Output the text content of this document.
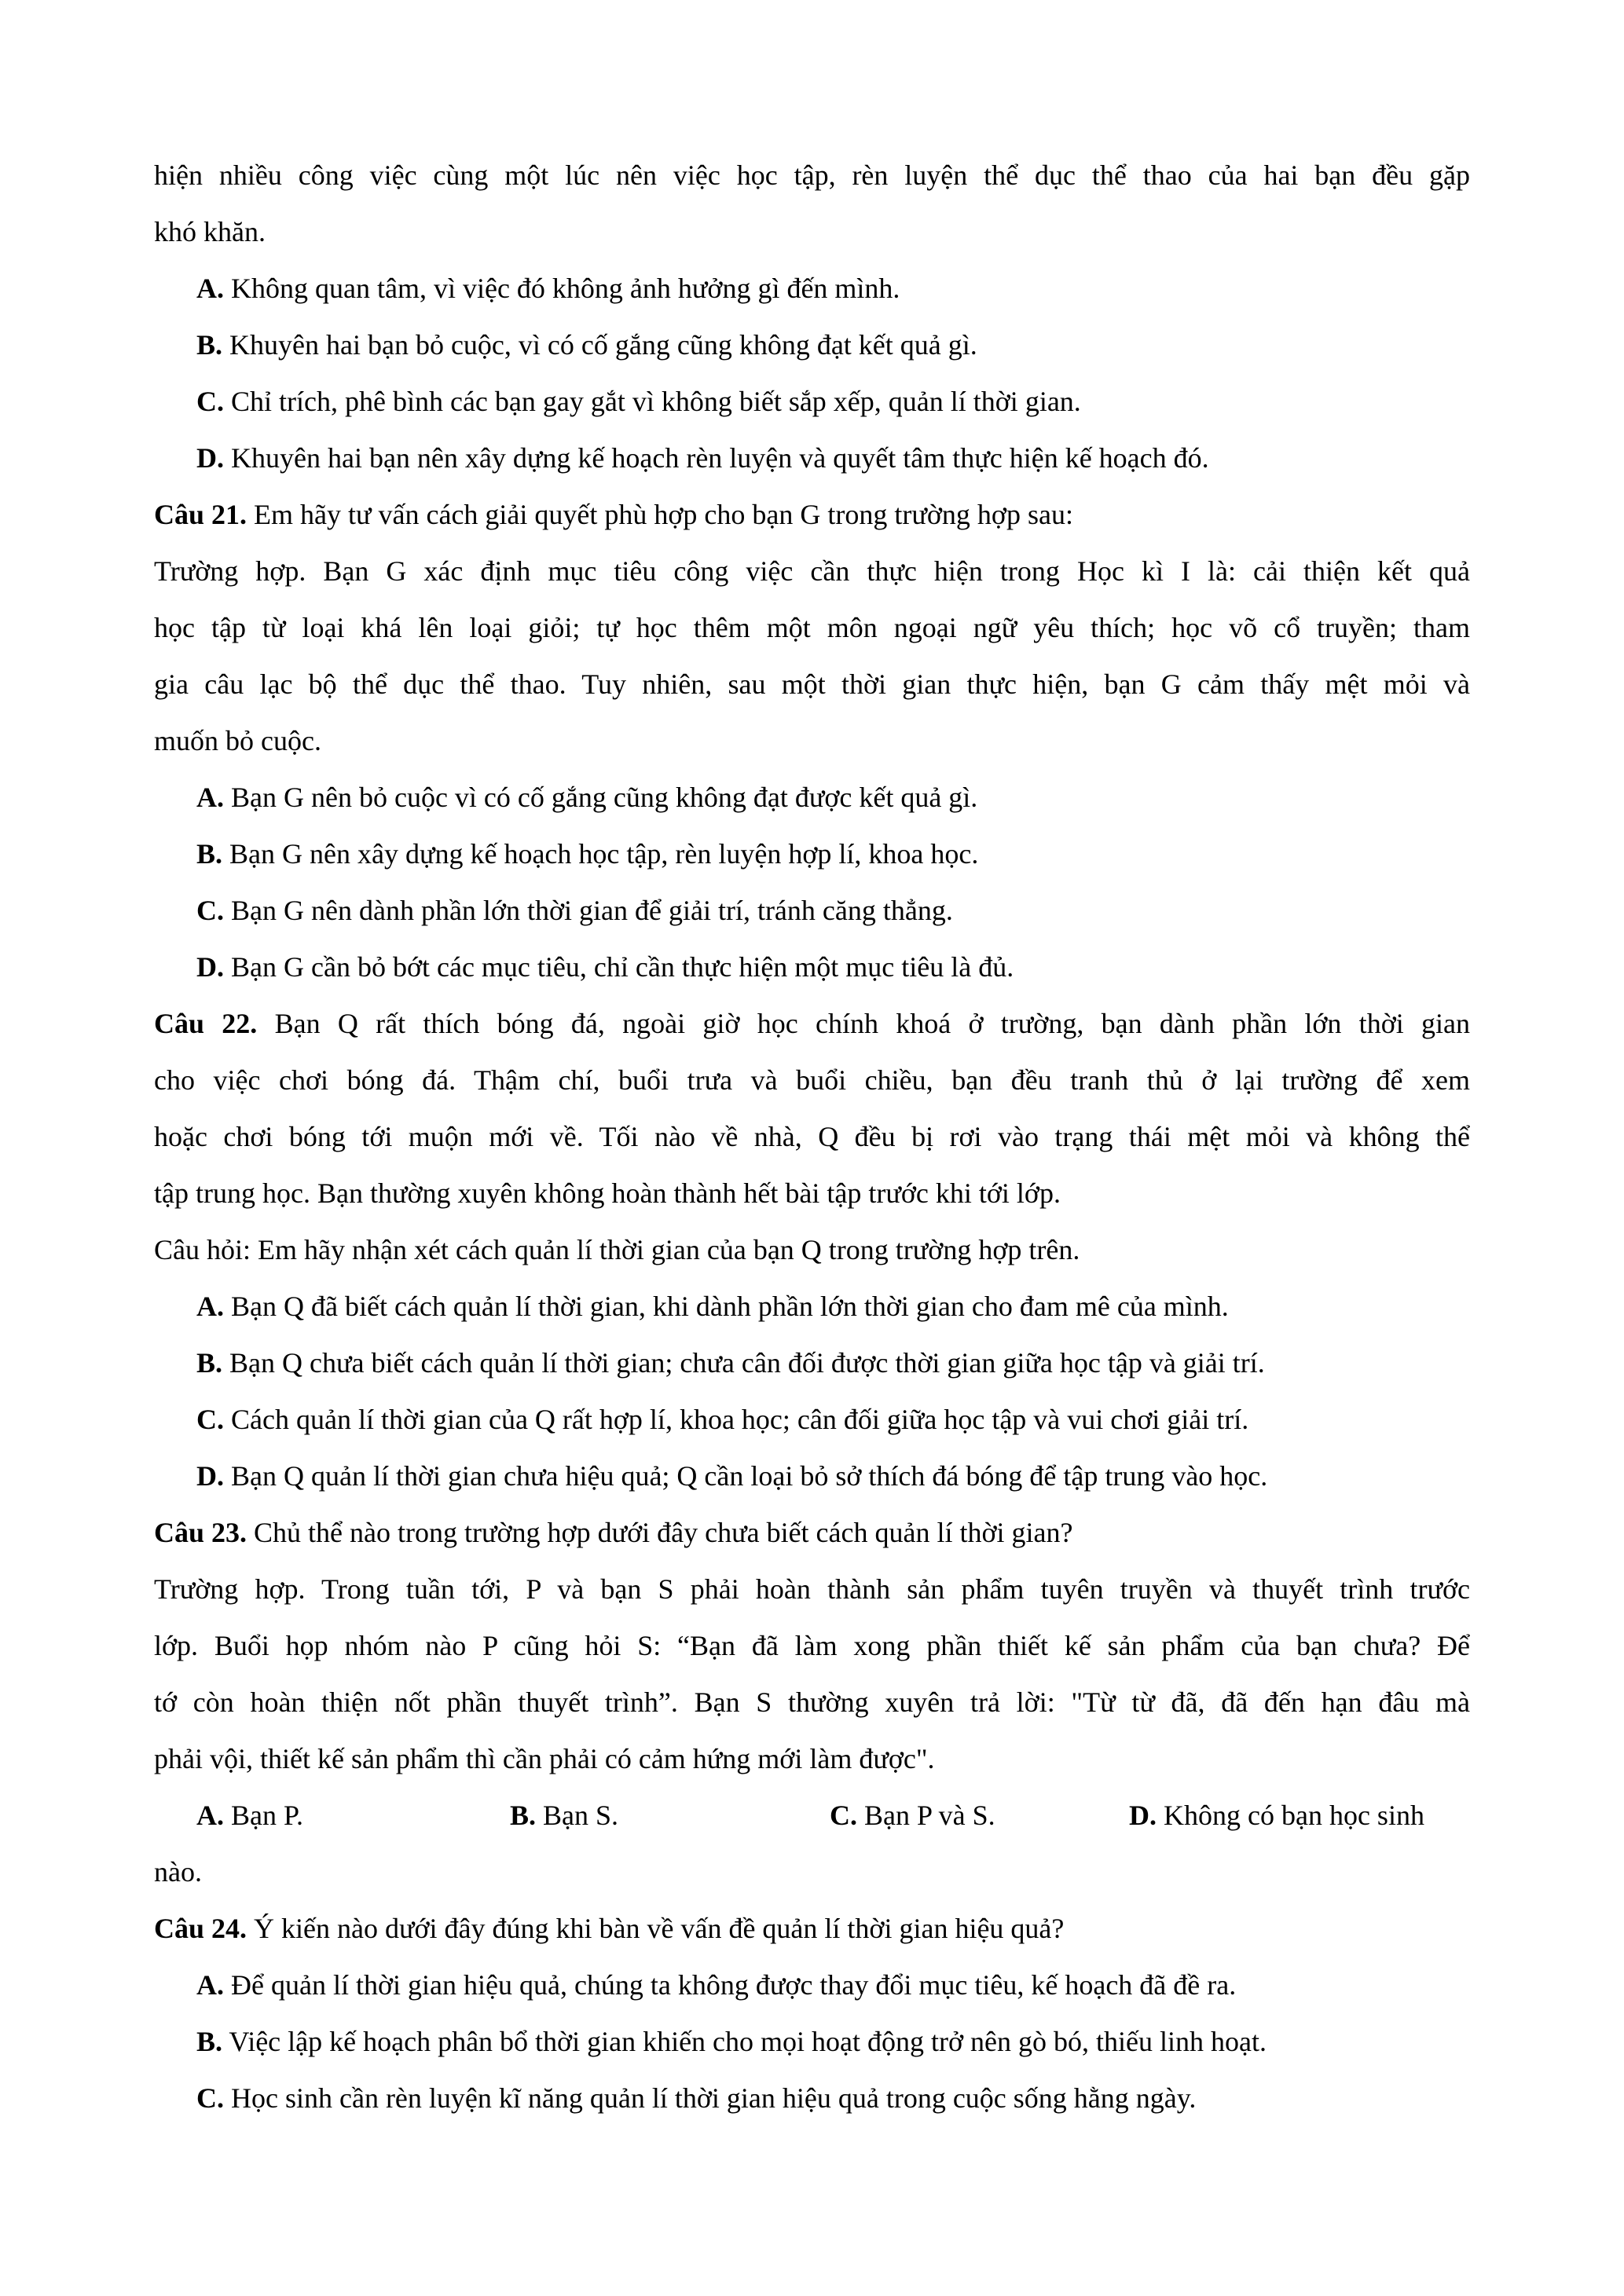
hiện nhiều công việc cùng một lúc nên việc học tập, rèn luyện thể dục thể thao của hai bạn đều gặp
khó khăn.
A. Không quan tâm, vì việc đó không ảnh hưởng gì đến mình.
B. Khuyên hai bạn bỏ cuộc, vì có cố gắng cũng không đạt kết quả gì.
C. Chỉ trích, phê bình các bạn gay gắt vì không biết sắp xếp, quản lí thời gian.
D. Khuyên hai bạn nên xây dựng kế hoạch rèn luyện và quyết tâm thực hiện kế hoạch đó.
Câu 21. Em hãy tư vấn cách giải quyết phù hợp cho bạn G trong trường hợp sau:
Trường hợp. Bạn G xác định mục tiêu công việc cần thực hiện trong Học kì I là: cải thiện kết quả
học tập từ loại khá lên loại giỏi; tự học thêm một môn ngoại ngữ yêu thích; học võ cổ truyền; tham
gia câu lạc bộ thể dục thể thao. Tuy nhiên, sau một thời gian thực hiện, bạn G cảm thấy mệt mỏi và
muốn bỏ cuộc.
A. Bạn G nên bỏ cuộc vì có cố gắng cũng không đạt được kết quả gì.
B. Bạn G nên xây dựng kế hoạch học tập, rèn luyện hợp lí, khoa học.
C. Bạn G nên dành phần lớn thời gian để giải trí, tránh căng thẳng.
D. Bạn G cần bỏ bớt các mục tiêu, chỉ cần thực hiện một mục tiêu là đủ.
Câu 22. Bạn Q rất thích bóng đá, ngoài giờ học chính khoá ở trường, bạn dành phần lớn thời gian
cho việc chơi bóng đá. Thậm chí, buổi trưa và buổi chiều, bạn đều tranh thủ ở lại trường để xem
hoặc chơi bóng tới muộn mới về. Tối nào về nhà, Q đều bị rơi vào trạng thái mệt mỏi và không thể
tập trung học. Bạn thường xuyên không hoàn thành hết bài tập trước khi tới lớp.
Câu hỏi: Em hãy nhận xét cách quản lí thời gian của bạn Q trong trường hợp trên.
A. Bạn Q đã biết cách quản lí thời gian, khi dành phần lớn thời gian cho đam mê của mình.
B. Bạn Q chưa biết cách quản lí thời gian; chưa cân đối được thời gian giữa học tập và giải trí.
C. Cách quản lí thời gian của Q rất hợp lí, khoa học; cân đối giữa học tập và vui chơi giải trí.
D. Bạn Q quản lí thời gian chưa hiệu quả; Q cần loại bỏ sở thích đá bóng để tập trung vào học.
Câu 23. Chủ thể nào trong trường hợp dưới đây chưa biết cách quản lí thời gian?
Trường hợp. Trong tuần tới, P và bạn S phải hoàn thành sản phẩm tuyên truyền và thuyết trình trước
lớp. Buổi họp nhóm nào P cũng hỏi S: “Bạn đã làm xong phần thiết kế sản phẩm của bạn chưa? Để
tớ còn hoàn thiện nốt phần thuyết trình”. Bạn S thường xuyên trả lời: "Từ từ đã, đã đến hạn đâu mà
phải vội, thiết kế sản phẩm thì cần phải có cảm hứng mới làm được".
A. Bạn P.	B. Bạn S.	C. Bạn P và S.	D. Không có bạn học sinh
nào.
Câu 24. Ý kiến nào dưới đây đúng khi bàn về vấn đề quản lí thời gian hiệu quả?
A. Để quản lí thời gian hiệu quả, chúng ta không được thay đổi mục tiêu, kế hoạch đã đề ra.
B. Việc lập kế hoạch phân bổ thời gian khiến cho mọi hoạt động trở nên gò bó, thiếu linh hoạt.
C. Học sinh cần rèn luyện kĩ năng quản lí thời gian hiệu quả trong cuộc sống hằng ngày.
